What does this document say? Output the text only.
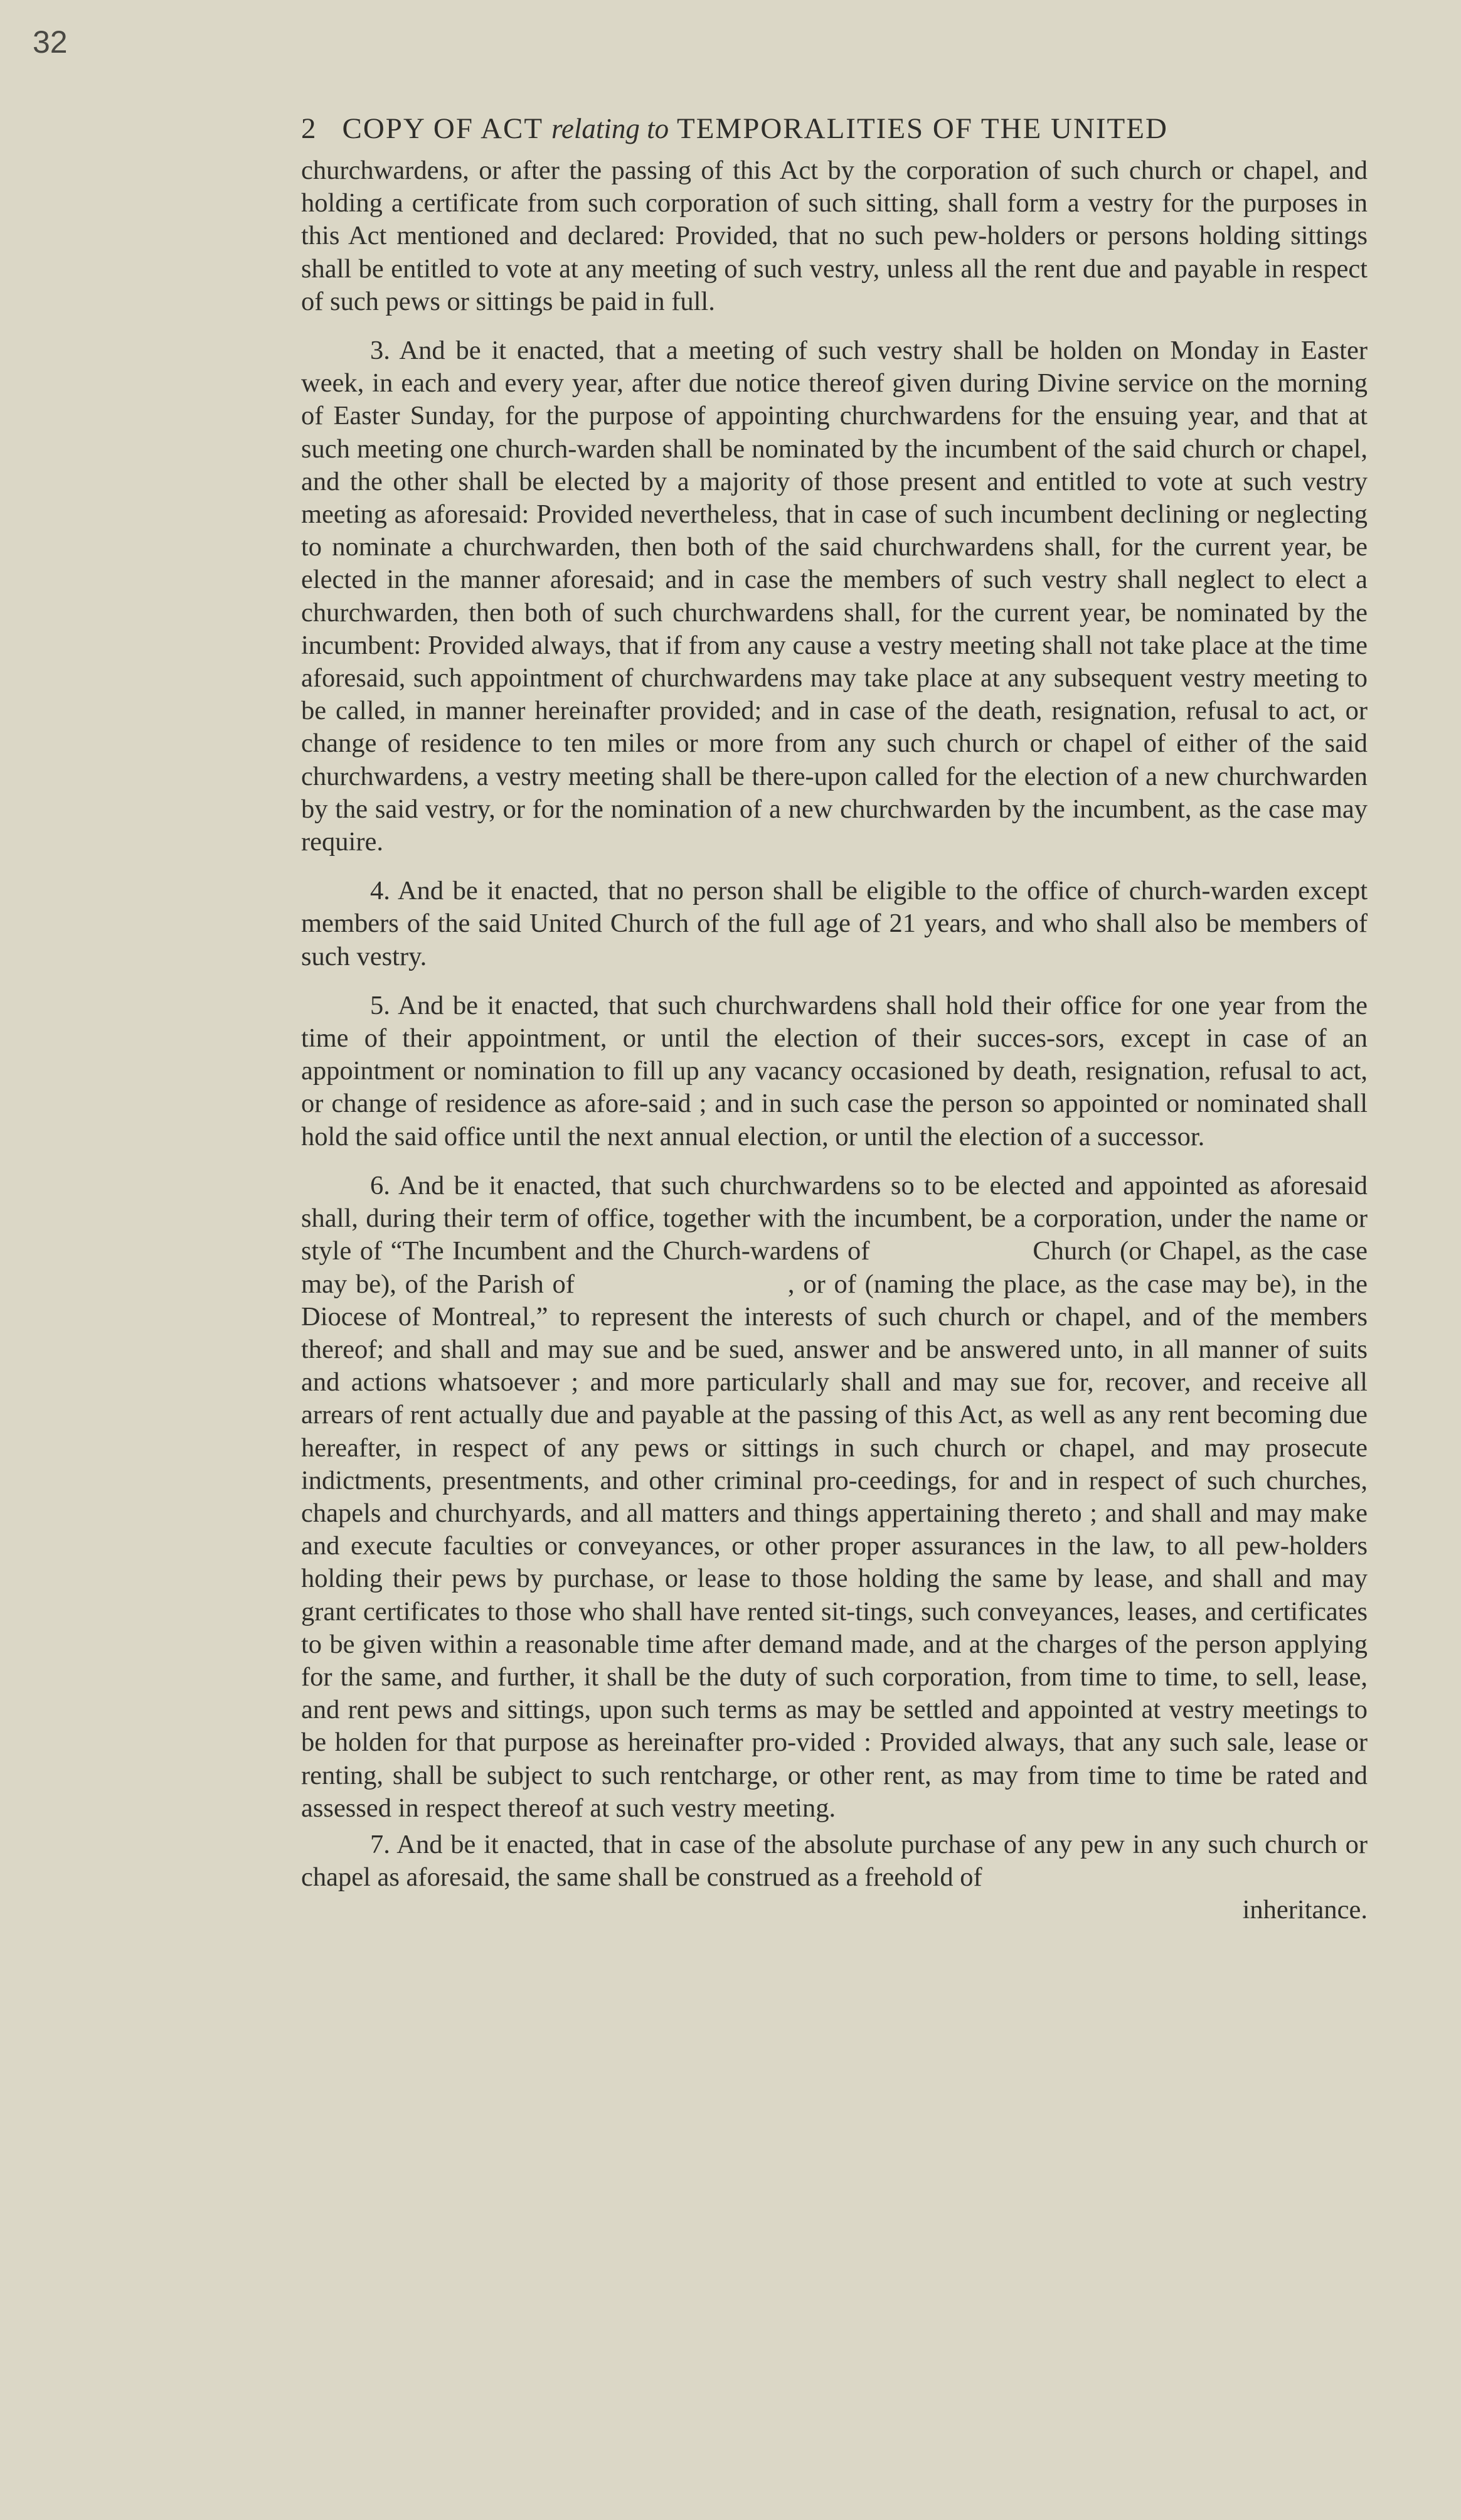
32
2 COPY OF ACT relating to TEMPORALITIES OF THE UNITED

churchwardens, or after the passing of this Act by the corporation of such church or chapel, and holding a certificate from such corporation of such sitting, shall form a vestry for the purposes in this Act mentioned and declared: Provided, that no such pew-holders or persons holding sittings shall be entitled to vote at any meeting of such vestry, unless all the rent due and payable in respect of such pews or sittings be paid in full.

3. And be it enacted, that a meeting of such vestry shall be holden on Monday in Easter week, in each and every year, after due notice thereof given during Divine service on the morning of Easter Sunday, for the purpose of appointing churchwardens for the ensuing year, and that at such meeting one church-warden shall be nominated by the incumbent of the said church or chapel, and the other shall be elected by a majority of those present and entitled to vote at such vestry meeting as aforesaid: Provided nevertheless, that in case of such incumbent declining or neglecting to nominate a churchwarden, then both of the said churchwardens shall, for the current year, be elected in the manner aforesaid; and in case the members of such vestry shall neglect to elect a churchwarden, then both of such churchwardens shall, for the current year, be nominated by the incumbent: Provided always, that if from any cause a vestry meeting shall not take place at the time aforesaid, such appointment of churchwardens may take place at any subsequent vestry meeting to be called, in manner hereinafter provided; and in case of the death, resignation, refusal to act, or change of residence to ten miles or more from any such church or chapel of either of the said churchwardens, a vestry meeting shall be there-upon called for the election of a new churchwarden by the said vestry, or for the nomination of a new churchwarden by the incumbent, as the case may require.

4. And be it enacted, that no person shall be eligible to the office of church-warden except members of the said United Church of the full age of 21 years, and who shall also be members of such vestry.

5. And be it enacted, that such churchwardens shall hold their office for one year from the time of their appointment, or until the election of their succes-sors, except in case of an appointment or nomination to fill up any vacancy occasioned by death, resignation, refusal to act, or change of residence as afore-said ; and in such case the person so appointed or nominated shall hold the said office until the next annual election, or until the election of a successor.

6. And be it enacted, that such churchwardens so to be elected and appointed as aforesaid shall, during their term of office, together with the incumbent, be a corporation, under the name or style of “The Incumbent and the Church-wardens of	Church (or Chapel, as the case may be), of the Parish of	, or of (naming the place, as the case may be), in the Diocese of Montreal,” to represent the interests of such church or chapel, and of the members thereof; and shall and may sue and be sued, answer and be answered unto, in all manner of suits and actions whatsoever ; and more particularly shall and may sue for, recover, and receive all arrears of rent actually due and payable at the passing of this Act, as well as any rent becoming due hereafter, in respect of any pews or sittings in such church or chapel, and may prosecute indictments, presentments, and other criminal pro-ceedings, for and in respect of such churches, chapels and churchyards, and all matters and things appertaining thereto ; and shall and may make and execute faculties or conveyances, or other proper assurances in the law, to all pew-holders holding their pews by purchase, or lease to those holding the same by lease, and shall and may grant certificates to those who shall have rented sit-tings, such conveyances, leases, and certificates to be given within a reasonable time after demand made, and at the charges of the person applying for the same, and further, it shall be the duty of such corporation, from time to time, to sell, lease, and rent pews and sittings, upon such terms as may be settled and appointed at vestry meetings to be holden for that purpose as hereinafter pro-vided : Provided always, that any such sale, lease or renting, shall be subject to such rentcharge, or other rent, as may from time to time be rated and assessed in respect thereof at such vestry meeting.

7. And be it enacted, that in case of the absolute purchase of any pew in any such church or chapel as aforesaid, the same shall be construed as a freehold of
inheritance.
